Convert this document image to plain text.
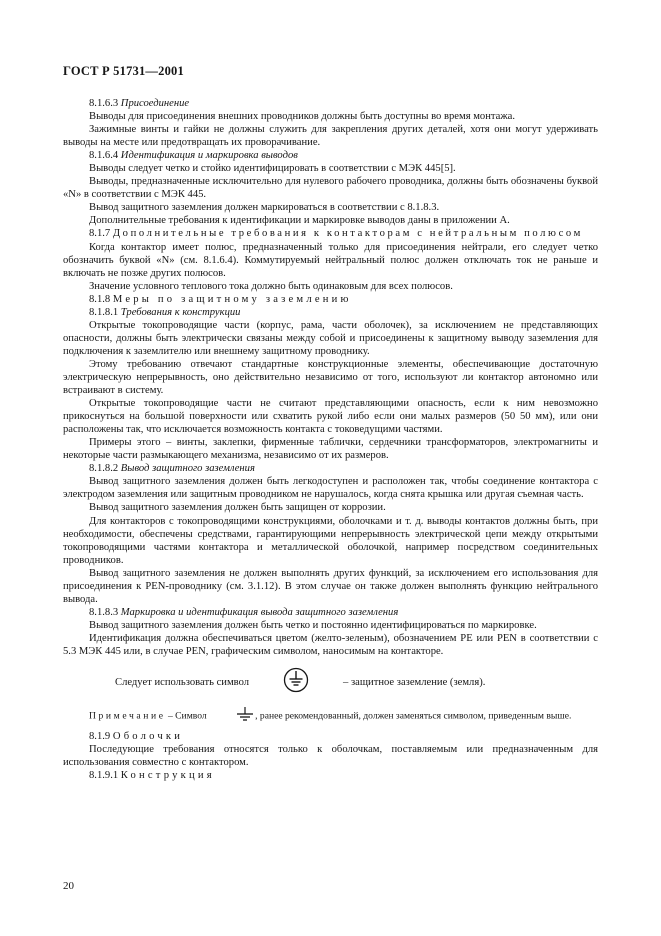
ГОСТ Р 51731—2001

8.1.6.3 Присоединение

Выводы для присоединения внешних проводников должны быть доступны во время монтажа.

Зажимные винты и гайки не должны служить для закрепления других деталей, хотя они могут удерживать выводы на месте или предотвращать их проворачивание.

8.1.6.4 Идентификация и маркировка выводов

Выводы следует четко и стойко идентифицировать в соответствии с МЭК 445[5].

Выводы, предназначенные исключительно для нулевого рабочего проводника, должны быть обозначены буквой «N» в соответствии с МЭК 445.

Вывод защитного заземления должен маркироваться в соответствии с 8.1.8.3.

Дополнительные требования к идентификации и маркировке выводов даны в приложении А.

8.1.7 Дополнительные требования к контакторам с нейтральным полюсом

Когда контактор имеет полюс, предназначенный только для присоединения нейтрали, его следует четко обозначить буквой «N» (см. 8.1.6.4). Коммутируемый нейтральный полюс должен отключать ток не раньше и включать не позже других полюсов.

Значение условного теплового тока должно быть одинаковым для всех полюсов.

8.1.8 Меры по защитному заземлению

8.1.8.1 Требования к конструкции

Открытые токопроводящие части (корпус, рама, части оболочек), за исключением не представляющих опасности, должны быть электрически связаны между собой и присоединены к защитному выводу заземления для подключения к заземлителю или внешнему защитному проводнику.

Этому требованию отвечают стандартные конструкционные элементы, обеспечивающие достаточную электрическую непрерывность, оно действительно независимо от того, используют ли контактор автономно или встраивают в систему.

Открытые токопроводящие части не считают представляющими опасность, если к ним невозможно прикоснуться на большой поверхности или схватить рукой либо если они малых размеров (50 50 мм), или они расположены так, что исключается возможность контакта с токоведущими частями.

Примеры этого – винты, заклепки, фирменные таблички, сердечники трансформаторов, электромагниты и некоторые части размыкающего механизма, независимо от их размеров.

8.1.8.2 Вывод защитного заземления

Вывод защитного заземления должен быть легкодоступен и расположен так, чтобы соединение контактора с электродом заземления или защитным проводником не нарушалось, когда снята крышка или другая съемная часть.

Вывод защитного заземления должен быть защищен от коррозии.

Для контакторов с токопроводящими конструкциями, оболочками и т. д. выводы контактов должны быть, при необходимости, обеспечены средствами, гарантирующими непрерывность электрической цепи между открытыми токопроводящими частями контактора и металлической оболочкой, например посредством соединительных проводников.

Вывод защитного заземления не должен выполнять других функций, за исключением его использования для присоединения к PEN-проводнику (см. 3.1.12). В этом случае он также должен выполнять функцию нейтрального вывода.

8.1.8.3 Маркировка и идентификация вывода защитного заземления

Вывод защитного заземления должен быть четко и постоянно идентифицироваться по маркировке.

Идентификация должна обеспечиваться цветом (желто-зеленым), обозначением PE или PEN в соответствии с 5.3 МЭК 445 или, в случае PEN, графическим символом, наносимым на контакторе.

Следует использовать символ	– защитное заземление (земля).

Примечание – Символ	, ранее рекомендованный, должен заменяться символом, приведенным выше.

8.1.9 Оболочки

Последующие требования относятся только к оболочкам, поставляемым или предназначенным для использования совместно с контактором.

8.1.9.1 Конструкция

20
